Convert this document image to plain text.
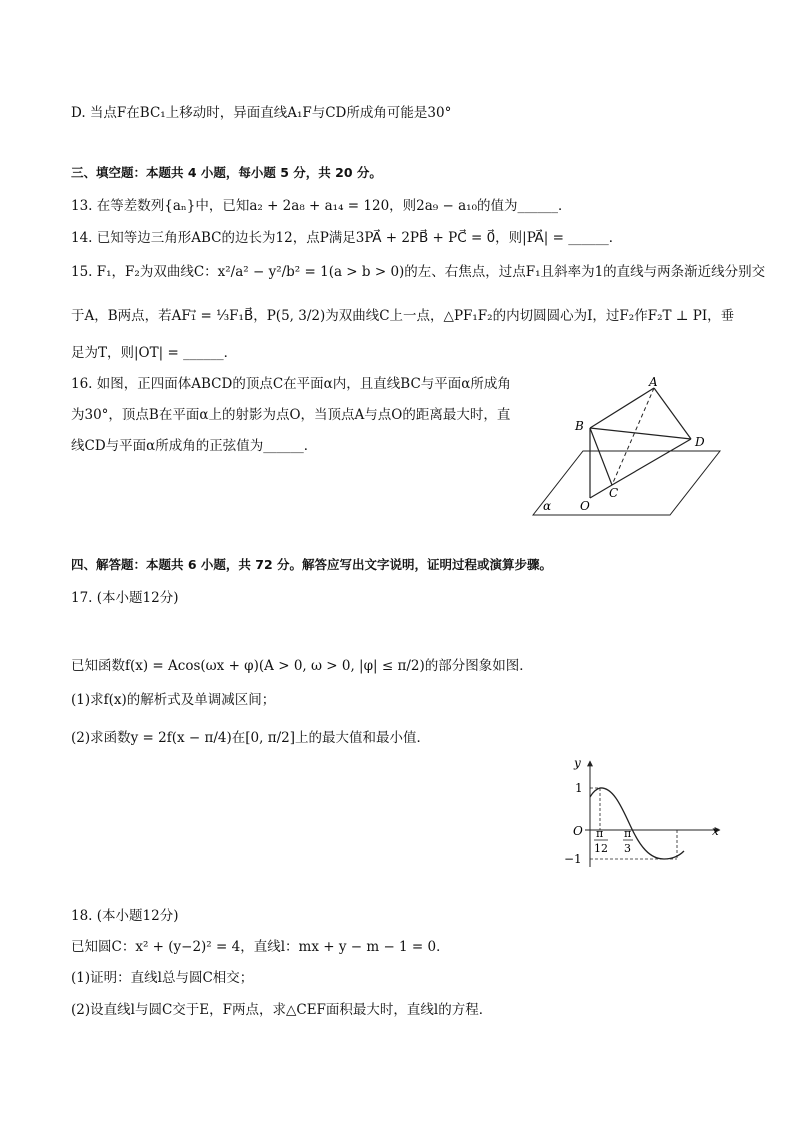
D. 当点F在BC₁上移动时，异面直线A₁F与CD所成角可能是30°
三、填空题：本题共 4 小题，每小题 5 分，共 20 分。
13. 在等差数列{aₙ}中，已知a₂ + 2a₈ + a₁₄ = 120，则2a₉ − a₁₀的值为______．
14. 已知等边三角形ABC的边长为12，点P满足3PA⃗ + 2PB⃗ + PC⃗ = 0⃗，则|PA⃗| = ______．
15. F₁，F₂为双曲线C：x²/a² − y²/b² = 1(a > b > 0)的左、右焦点，过点F₁且斜率为1的直线与两条渐近线分别交
于A，B两点，若AF₁⃗ = ⅓F₁B⃗，P(5, 3/2)为双曲线C上一点，△PF₁F₂的内切圆圆心为I，过F₂作F₂T ⊥ PI，垂
足为T，则|OT| = ______．
16. 如图，正四面体ABCD的顶点C在平面α内，且直线BC与平面α所成角
为30°，顶点B在平面α上的射影为点O，当顶点A与点O的距离最大时，直
线CD与平面α所成角的正弦值为______．
A
B
C
D
O
α
四、解答题：本题共 6 小题，共 72 分。解答应写出文字说明，证明过程或演算步骤。
17. (本小题12分)
已知函数f(x) = Acos(ωx + φ)(A > 0, ω > 0, |φ| ≤ π/2)的部分图象如图．
(1)求f(x)的解析式及单调减区间；
(2)求函数y = 2f(x − π/4)在[0, π/2]上的最大值和最小值．
y
x
O
1
−1
π
12
π
3
18. (本小题12分)
已知圆C：x² + (y−2)² = 4，直线l：mx + y − m − 1 = 0．
(1)证明：直线l总与圆C相交；
(2)设直线l与圆C交于E，F两点，求△CEF面积最大时，直线l的方程．
